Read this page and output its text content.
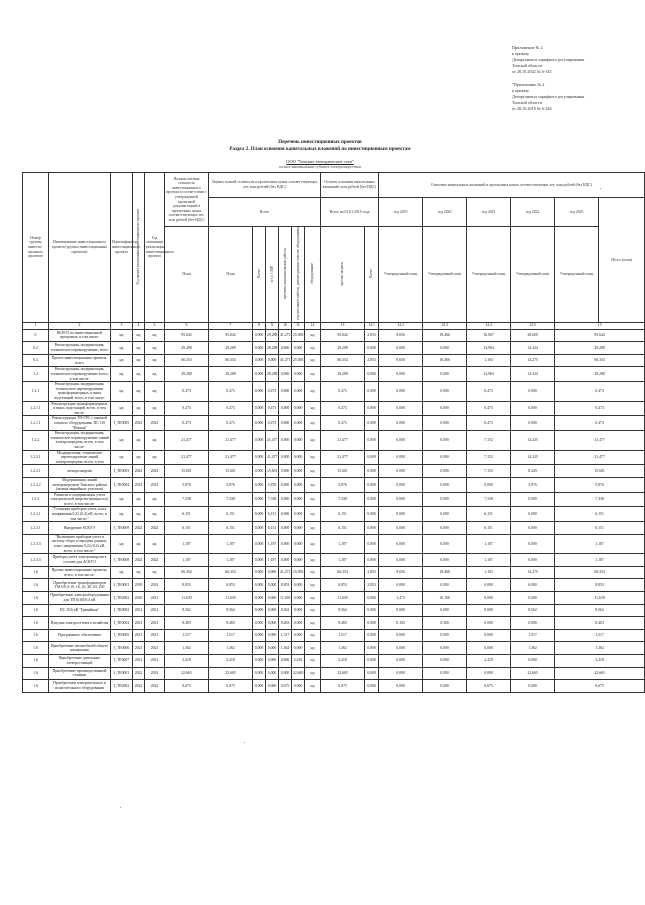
Приложение № 2
к приказу
Департамента тарифного регулирования
Томской области
от 28.10.2022 № 6-145
"Приложение № 2
к приказу
Департамента тарифного регулирования
Томской области
от 28.10.2018 № 6-226
Перечень инвестиционных проектов
Раздел 2. План освоения капитальных вложений по инвестиционным проектам
ООО "Томские электрические сети"
полное наименование субъекта электроэнергетики
Номер группы инвести-ционных проектов	Наименование инвестиционного проекта (группы инвестиционных проектов)	Идентификатор инвестиционного проекта	Год начала реализации инвестиционного проекта	Год окончания реализации инвестиционного проекта	Полная сметная стоимость инвестиционного проекта в соответствии с утвержденной проектной документацией в прогнозных ценах соответствующих лет, млн рублей (без НДС)	Оценка полной стоимости в прогнозных ценах соответствующих лет, млн рублей (без НДС)						Остаток освоения капитальных вложений, млн рублей (без НДС)		Освоение капитальных вложений в прогнозных ценах соответствующих лет, млн рублей (без НДС)					
						Всего						Всего на 01.01.2019 года		год 2019	год 2020	год 2021	год 2022	год 2023	Итого (план)
					План	План	Всего	в т.ч. СМР	проектно-изыскательские работы	строительные работы, реконструкция, монтаж оборудования	оборудование	прочие затраты	Всего	Утвержденный план	Утвержденный план	Утвержденный план	Утвержденный план	Утвержденный план	
1	2	3	4	5	6	7	8	9	10	11	12	13	14.1	14.2	14.3	14.4	14.5	15	
0	ВСЕГО по инвестиционной программе, в том числе:	нд	нд	нд	95,642	95,642	0,000	29,288	41,271	25,083	нд	95,642	2,853	9,656	18,466	16,067	28,600	95,642	
0.2	Реконструкция, модернизация, техническое перевооружение, всего	нд	нд	нд	29,288	29,288	0,000	29,288	0,000	0,000	нд	29,288	0,000	0,000	0,000	14,964	14,324	29,288	
0.4	Прочее инвестиционные проекты, всего	нд	нд	нд	66,354	66,354	0,000	0,000	41,271	25,083	нд	66,354	2,853	9,656	18,466	1,103	14,275	66,354	
1.2	Реконструкция, модернизация, техническое перевооружение всего, в том числе:	нд	нд	нд	29,288	29,288	0,000	29,288	0,000	0,000	нд	29,288	0,000	0,000	0,000	14,964	14,324	29,288	
1.2.1	Реконструкция, модернизация, техническое перевооружение трансформаторных и иных подстанций, всего, в том числе:	нд	нд	нд	0,473	0,473	0,000	0,473	0,000	0,000	нд	0,473	0,000	0,000	0,000	0,473	0,000	0,473	
1.2.1.1	Реконструкция трансформаторных и иных подстанций, всего, в том числе:	нд	нд	нд	0,473	0,473	0,000	0,473	0,000	0,000	нд	0,473	0,000	0,000	0,000	0,473	0,000	0,473	
1.2.1.1	Реконструкция ТП-ГРС с заменой силового оборудования, ПС 110 "Южная"	I_TE0005	2022	2022	0,473	0,473	0,000	0,473	0,000	0,000	нд	0,473	0,000	0,000	0,000	0,473	0,000	0,473	
1.2.2	Реконструкция, модернизация, техническое перевооружение линий электропередачи, всего, в том числе:	нд	нд	нд	21,477	21,477	0,000	21,477	0,000	0,000	нд	21,477	0,000	0,000	0,000	7,152	14,325	21,477	
1.2.2.1	Модернизация, техническое перевооружение линий электропередачи, всего, в том	нд	нд	нд	21,477	21,477	0,000	21,477	0,000	0,000	нд	21,477	0,000	0,000	0,000	7,152	14,325	21,477	
1.2.2.1	электроэнергии	I_TE0003	2022	2023	15,601	15,601	0,000	15,601	0,000	0,000	нд	15,601	0,000	0,000	0,000	7,152	8,449	15,601	
1.2.2.2	Модернизация линий электропередачи Томского района (замена аварийных участков)	I_TE0004	2023	2023	5,876	5,876	0,000	5,876	0,000	0,000	нд	5,876	0,000	0,000	0,000	0,000	5,876	5,876	
1.2.3	Развитие и модернизация учета электрической энергии (мощности), всего, в том числе:	нд	нд	нд	7,338	7,338	0,000	7,338	0,000	0,000	нд	7,338	0,000	0,000	0,000	7,338	0,000	7,338	
1.2.3.1	"Установка приборов учета, класс напряжения 0,22 (0,4) кВ, всего, в том числе:"	нд	нд	нд	6,151	6,151	0,000	6,151	0,000	0,000	нд	6,151	0,000	0,000	0,000	6,151	0,000	6,151	
1.2.3.1	Внедрение АСКУЭ	I_TE0009	2022	2022	6,151	6,151	0,000	6,151	0,000	0,000	нд	6,151	0,000	0,000	0,000	6,151	0,000	6,151	
1.2.3.3	"Включение приборов учета в систему сбора и передачи данных, класс напряжения 0,22 (0,4) кВ, всего, в том числе:"	нд	нд	нд	1,187	1,187	0,000	1,187	0,000	0,000	нд	1,187	0,000	0,000	0,000	1,187	0,000	1,187	
1.2.3.3	Приборы учёта электроэнергии в составе для АСКУЭ	I_TE0008	2022	2022	1,187	1,187	0,000	1,187	0,000	0,000	нд	1,187	0,000	0,000	0,000	1,187	0,000	1,187	
1.6	Прочие инвестиционные проекты, всего, в том числе:	нд	нд	нд	66,354	66,354	0,000	0,000	41,271	25,083	нд	66,354	2,853	9,656	18,466	1,103	14,275	66,354	
1.6	Приобретение трансформаторов ТМ 6/0,4-10, 16, 25, 40, 63, 100	I_TE0001	2019	2023	8,853	8,853	0,000	0,000	8,853	0,000	нд	8,853	2,853	0,000	0,000	0,000	6,000	8,853	
1.6	Приобретение электрооборудования для ТП 6(10)/0,4 кВ	I_TE0002	2020	2021	11,639	11,639	0,000	0,000	11,639	0,000	нд	11,639	0,000	1,473	10,166	0,000	0,000	11,639	
1.6	ПС 35/6 кВ "Гравийная"	I_TE0003	2021	2021	8,562	8,562	0,000	0,000	8,562	0,000	нд	8,562	0,000	0,000	0,000	0,000	8,562	8,562	
1.6	Покупка электросетевого хозяйства	I_TE0004	2021	2021	8,483	8,483	0,000	0,000	8,483	0,000	нд	8,483	0,000	8,183	0,300	0,000	0,000	8,483	
1.6	Программное обеспечение	I_TE0005	2021	2021	1,517	1,517	0,000	0,000	1,517	0,000	нд	1,517	0,000	0,000	0,000	0,000	1,517	1,517	
1.6	Приобретение автомобилей общего назначения	I_TE0006	2021	2021	1,362	1,362	0,000	0,000	1,362	0,000	нд	1,362	0,000	0,000	0,000	0,000	1,362	1,362	
1.6	Приобретение дизельных электростанций	I_TE0007	2021	2021	2,418	2,418	0,000	0,000	0,000	2,418	нд	2,418	0,000	0,000	0,000	2,418	0,000	2,418	
1.6	Приобретение производственной техники	I_TE0001	2022	2023	22,665	22,665	0,000	0,000	0,000	22,665	нд	22,665	0,000	0,000	0,000	0,000	22,665	22,665	
1.6	Приобретение измерительного и испытательного оборудования	I_TE0002	2022	2022	0,675	0,675	0,000	0,000	0,675	0,000	нд	0,675	0,000	0,000	0,000	0,675	0,000	0,675	
